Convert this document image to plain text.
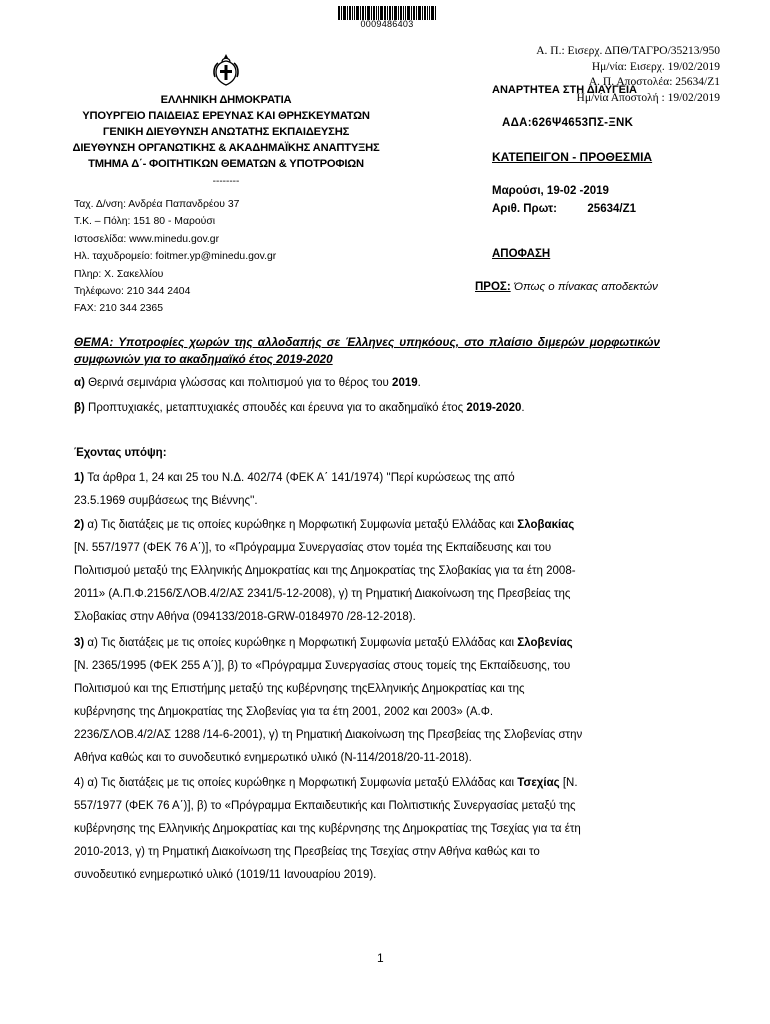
0009486403
Α. Π.: Εισερχ. ΔΠΘ/ΤΑΓΡΟ/35213/950
Ημ/νία: Εισερχ. 19/02/2019
Α. Π. Αποστολέα: 25634/Ζ1
Ημ/νία Αποστολή : 19/02/2019
ΕΛΛΗΝΙΚΗ ΔΗΜΟΚΡΑΤΙΑ
ΥΠΟΥΡΓΕΙΟ ΠΑΙΔΕΙΑΣ ΕΡΕΥΝΑΣ ΚΑΙ ΘΡΗΣΚΕΥΜΑΤΩΝ
ΓΕΝΙΚΗ ΔΙΕΥΘΥΝΣΗ ΑΝΩΤΑΤΗΣ ΕΚΠΑΙΔΕΥΣΗΣ
ΔΙΕΥΘΥΝΣΗ ΟΡΓΑΝΩΤΙΚΗΣ & ΑΚΑΔΗΜΑΪΚΗΣ ΑΝΑΠΤΥΞΗΣ
ΤΜΗΜΑ Δ΄- ΦΟΙΤΗΤΙΚΩΝ ΘΕΜΑΤΩΝ & ΥΠΟΤΡΟΦΙΩΝ
--------
Ταχ. Δ/νση: Ανδρέα Παπανδρέου 37
Τ.Κ. – Πόλη: 151 80 - Μαρούσι
Ιστοσελίδα: www.minedu.gov.gr
Ηλ. ταχυδρομείο: foitmer.yp@minedu.gov.gr
Πληρ: Χ. Σακελλίου
Τηλέφωνο: 210 344 2404
FAX: 210 344 2365
ΑΝΑΡΤΗΤΕΑ ΣΤΗ ΔΙΑΥΓΕΙΑ
ΑΔΑ:626Ψ4653ΠΣ-ΞΝΚ
ΚΑΤΕΠΕΙΓΟΝ - ΠΡΟΘΕΣΜΙΑ
Μαρούσι, 19-02 -2019
Αριθ. Πρωτ:	25634/Ζ1
ΑΠΟΦΑΣΗ
ΠΡΟΣ: Όπως ο πίνακας αποδεκτών
ΘΕΜΑ: Υποτροφίες χωρών της αλλοδαπής σε Έλληνες υπηκόους, στο πλαίσιο διμερών μορφωτικών συμφωνιών για το ακαδημαϊκό έτος 2019-2020
α) Θερινά σεμινάρια γλώσσας και πολιτισμού για το θέρος του 2019.
β) Προπτυχιακές, μεταπτυχιακές σπουδές και έρευνα για το ακαδημαϊκό έτος 2019-2020.
Έχοντας υπόψη:
1) Τα άρθρα 1, 24 και 25 του Ν.Δ. 402/74 (ΦΕΚ Α΄ 141/1974) ''Περί κυρώσεως της από
23.5.1969 συμβάσεως της Βιέννης''.
2) α) Τις διατάξεις με τις οποίες κυρώθηκε η Μορφωτική Συμφωνία μεταξύ Ελλάδας και Σλοβακίας
[Ν. 557/1977 (ΦΕΚ 76 Α΄)], το «Πρόγραμμα Συνεργασίας στον τομέα της Εκπαίδευσης και του
Πολιτισμού μεταξύ της Ελληνικής Δημοκρατίας και της Δημοκρατίας της Σλοβακίας για τα έτη 2008-
2011» (Α.Π.Φ.2156/ΣΛΟΒ.4/2/ΑΣ 2341/5-12-2008), γ) τη Ρηματική Διακοίνωση της Πρεσβείας της
Σλοβακίας στην Αθήνα (094133/2018-GRW-0184970 /28-12-2018).
3) α) Τις διατάξεις με τις οποίες κυρώθηκε η Μορφωτική Συμφωνία μεταξύ Ελλάδας και Σλοβενίας
[Ν. 2365/1995 (ΦΕΚ 255 Α΄)], β) το «Πρόγραμμα Συνεργασίας στους τομείς της Εκπαίδευσης, του
Πολιτισμού και της Επιστήμης μεταξύ της κυβέρνησης τηςΕλληνικής Δημοκρατίας και της
κυβέρνησης της Δημοκρατίας της Σλοβενίας για τα έτη 2001, 2002 και 2003» (Α.Φ.
2236/ΣΛΟΒ.4/2/ΑΣ 1288 /14-6-2001), γ) τη Ρηματική Διακοίνωση της Πρεσβείας της Σλοβενίας στην
Αθήνα καθώς και το συνοδευτικό ενημερωτικό υλικό (Ν-114/2018/20-11-2018).
4) α) Τις διατάξεις με τις οποίες κυρώθηκε η Μορφωτική Συμφωνία μεταξύ Ελλάδας και Τσεχίας [Ν.
557/1977 (ΦΕΚ 76 Α΄)], β) το «Πρόγραμμα Εκπαιδευτικής και Πολιτιστικής Συνεργασίας μεταξύ της
κυβέρνησης της Ελληνικής Δημοκρατίας και της κυβέρνησης της Δημοκρατίας της Τσεχίας για τα έτη
2010-2013, γ) τη Ρηματική Διακοίνωση της Πρεσβείας της Τσεχίας στην Αθήνα καθώς και το
συνοδευτικό ενημερωτικό υλικό (1019/11 Ιανουαρίου 2019).
1
